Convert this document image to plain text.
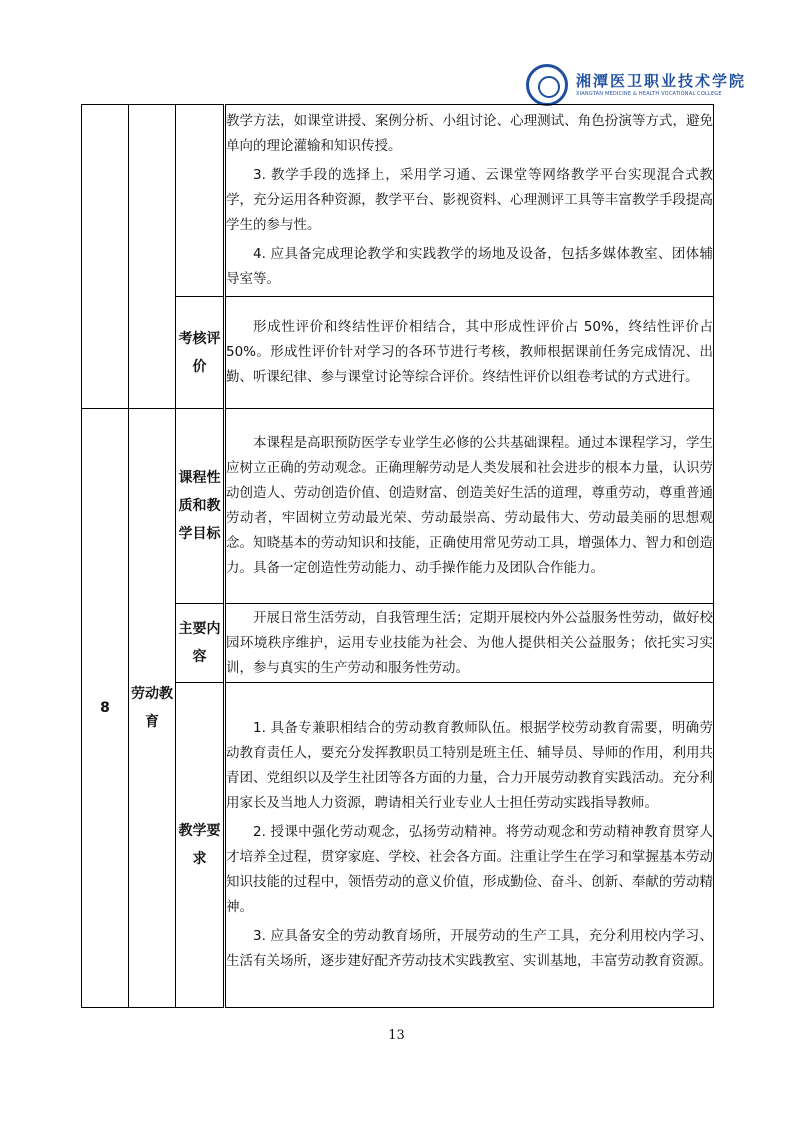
湘潭医卫职业技术学院
XIANGTAN MEDICINE & HEALTH VOCATIONAL COLLEGE

			教学方法，如课堂讲授、案例分析、小组讨论、心理测试、角色扮演等方式，避免单向的理论灌输和知识传授。
3. 教学手段的选择上，采用学习通、云课堂等网络教学平台实现混合式教学，充分运用各种资源，教学平台、影视资料、心理测评工具等丰富教学手段提高学生的参与性。
4. 应具备完成理论教学和实践教学的场地及设备，包括多媒体教室、团体辅导室等。

		考核评价	形成性评价和终结性评价相结合，其中形成性评价占 50%，终结性评价占 50%。形成性评价针对学习的各环节进行考核，教师根据课前任务完成情况、出勤、听课纪律、参与课堂讨论等综合评价。终结性评价以组卷考试的方式进行。

8	劳动教育	课程性质和教学目标	本课程是高职预防医学专业学生必修的公共基础课程。通过本课程学习，学生应树立正确的劳动观念。正确理解劳动是人类发展和社会进步的根本力量，认识劳动创造人、劳动创造价值、创造财富、创造美好生活的道理，尊重劳动，尊重普通劳动者，牢固树立劳动最光荣、劳动最崇高、劳动最伟大、劳动最美丽的思想观念。知晓基本的劳动知识和技能，正确使用常见劳动工具，增强体力、智力和创造力。具备一定创造性劳动能力、动手操作能力及团队合作能力。

		主要内容	开展日常生活劳动，自我管理生活；定期开展校内外公益服务性劳动，做好校园环境秩序维护，运用专业技能为社会、为他人提供相关公益服务；依托实习实训，参与真实的生产劳动和服务性劳动。

		教学要求	1. 具备专兼职相结合的劳动教育教师队伍。根据学校劳动教育需要，明确劳动教育责任人，要充分发挥教职员工特别是班主任、辅导员、导师的作用，利用共青团、党组织以及学生社团等各方面的力量，合力开展劳动教育实践活动。充分利用家长及当地人力资源，聘请相关行业专业人士担任劳动实践指导教师。
2. 授课中强化劳动观念，弘扬劳动精神。将劳动观念和劳动精神教育贯穿人才培养全过程，贯穿家庭、学校、社会各方面。注重让学生在学习和掌握基本劳动知识技能的过程中，领悟劳动的意义价值，形成勤俭、奋斗、创新、奉献的劳动精神。
3. 应具备安全的劳动教育场所，开展劳动的生产工具，充分利用校内学习、生活有关场所，逐步建好配齐劳动技术实践教室、实训基地，丰富劳动教育资源。
13
